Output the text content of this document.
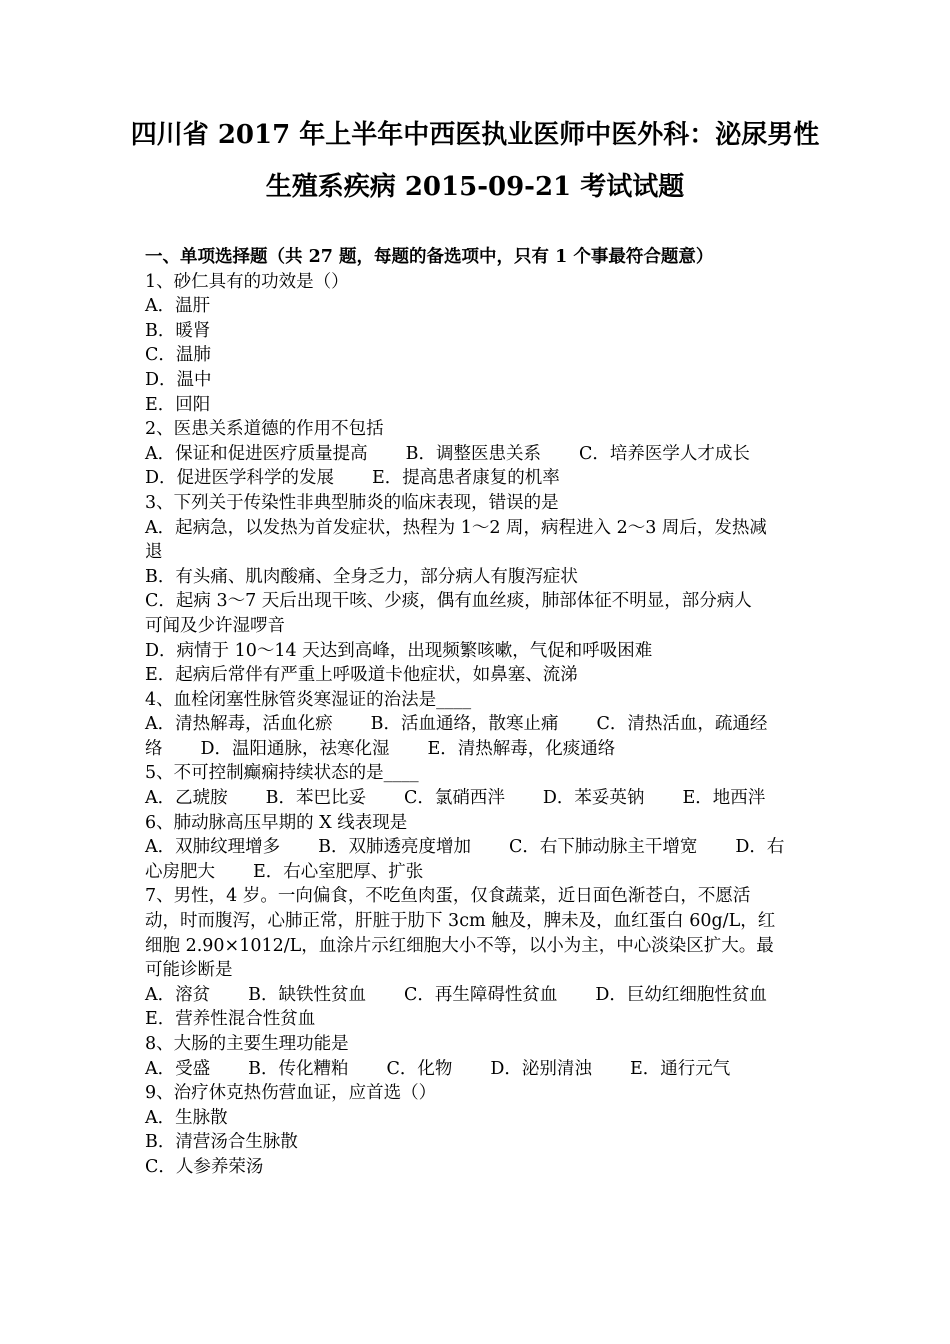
四川省 2017 年上半年中西医执业医师中医外科：泌尿男性
生殖系疾病 2015-09-21 考试试题
一、单项选择题（共 27 题，每题的备选项中，只有 1 个事最符合题意）
1、砂仁具有的功效是（）
A．温肝
B．暖肾
C．温肺
D．温中
E．回阳
2、医患关系道德的作用不包括
A．保证和促进医疗质量提高 B．调整医患关系 C．培养医学人才成长
D．促进医学科学的发展 E．提高患者康复的机率
3、下列关于传染性非典型肺炎的临床表现，错误的是
A．起病急，以发热为首发症状，热程为 1～2 周，病程进入 2～3 周后，发热减
退
B．有头痛、肌肉酸痛、全身乏力，部分病人有腹泻症状
C．起病 3～7 天后出现干咳、少痰，偶有血丝痰，肺部体征不明显，部分病人
可闻及少许湿啰音
D．病情于 10～14 天达到高峰，出现频繁咳嗽，气促和呼吸困难
E．起病后常伴有严重上呼吸道卡他症状，如鼻塞、流涕
4、血栓闭塞性脉管炎寒湿证的治法是____
A．清热解毒，活血化瘀 B．活血通络，散寒止痛 C．清热活血，疏通经
络 D．温阳通脉，祛寒化湿 E．清热解毒，化痰通络
5、不可控制癫痫持续状态的是____
A．乙琥胺 B．苯巴比妥 C．氯硝西泮 D．苯妥英钠 E．地西泮
6、肺动脉高压早期的 X 线表现是
A．双肺纹理增多 B．双肺透亮度增加 C．右下肺动脉主干增宽 D．右
心房肥大 E．右心室肥厚、扩张
7、男性，4 岁。一向偏食，不吃鱼肉蛋，仅食蔬菜，近日面色渐苍白，不愿活
动，时而腹泻，心肺正常，肝脏于肋下 3cm 触及，脾未及，血红蛋白 60g/L，红
细胞 2.90×1012/L，血涂片示红细胞大小不等，以小为主，中心淡染区扩大。最
可能诊断是
A．溶贫 B．缺铁性贫血 C．再生障碍性贫血 D．巨幼红细胞性贫血
E．营养性混合性贫血
8、大肠的主要生理功能是
A．受盛 B．传化糟粕 C．化物 D．泌别清浊 E．通行元气
9、治疗休克热伤营血证，应首选（）
A．生脉散
B．清营汤合生脉散
C．人参养荣汤
